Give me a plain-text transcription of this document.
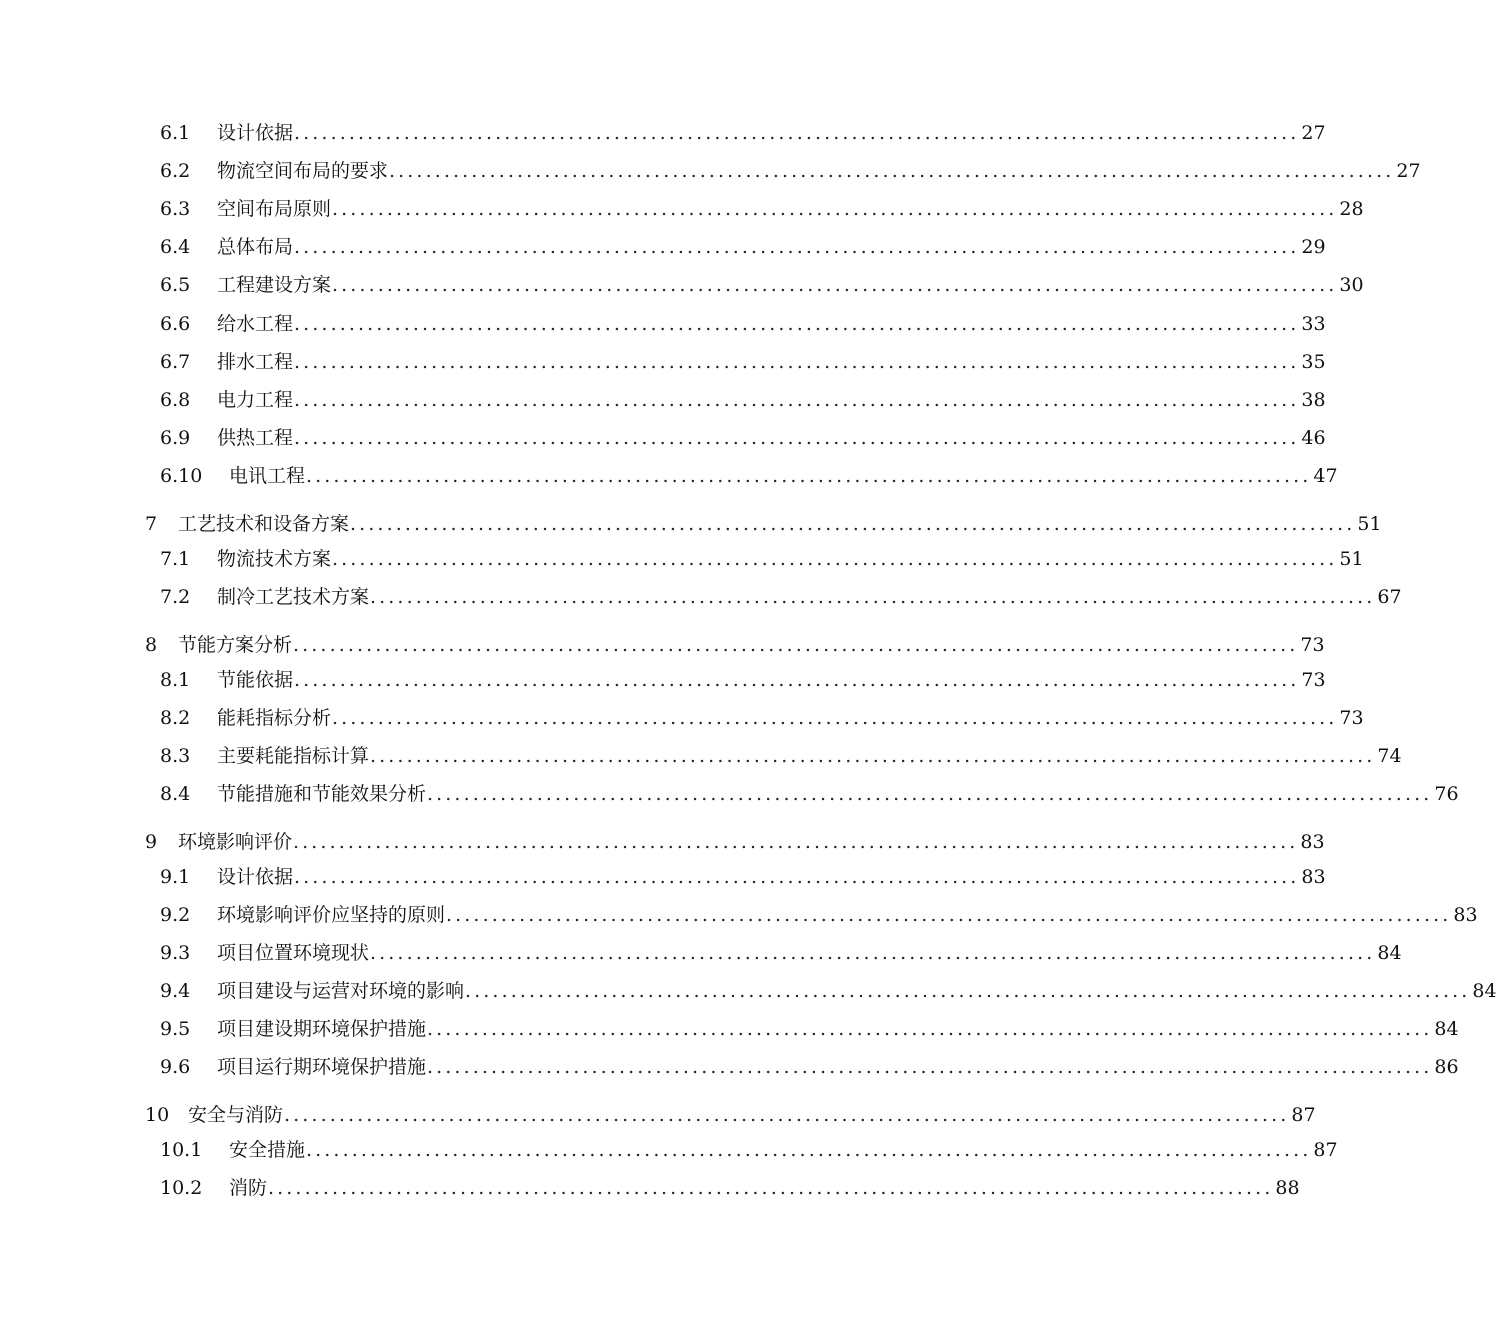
6.1	设计依据 .............................................................................................................. 27
6.2	物流空间布局的要求 .............................................................................................................. 27
6.3	空间布局原则 .............................................................................................................. 28
6.4	总体布局 .............................................................................................................. 29
6.5	工程建设方案 .............................................................................................................. 30
6.6	给水工程 .............................................................................................................. 33
6.7	排水工程 .............................................................................................................. 35
6.8	电力工程 .............................................................................................................. 38
6.9	供热工程 .............................................................................................................. 46
6.10	电讯工程 .............................................................................................................. 47
7	工艺技术和设备方案 .............................................................................................................. 51
7.1	物流技术方案 .............................................................................................................. 51
7.2	制冷工艺技术方案 .............................................................................................................. 67
8	节能方案分析 .............................................................................................................. 73
8.1	节能依据 .............................................................................................................. 73
8.2	能耗指标分析 .............................................................................................................. 73
8.3	主要耗能指标计算 .............................................................................................................. 74
8.4	节能措施和节能效果分析 .............................................................................................................. 76
9	环境影响评价 .............................................................................................................. 83
9.1	设计依据 .............................................................................................................. 83
9.2	环境影响评价应坚持的原则 .............................................................................................................. 83
9.3	项目位置环境现状 .............................................................................................................. 84
9.4	项目建设与运营对环境的影响 .............................................................................................................. 84
9.5	项目建设期环境保护措施 .............................................................................................................. 84
9.6	项目运行期环境保护措施 .............................................................................................................. 86
10 安全与消防 .............................................................................................................. 87
10.1	安全措施 .............................................................................................................. 87
10.2	消防 .............................................................................................................. 88
